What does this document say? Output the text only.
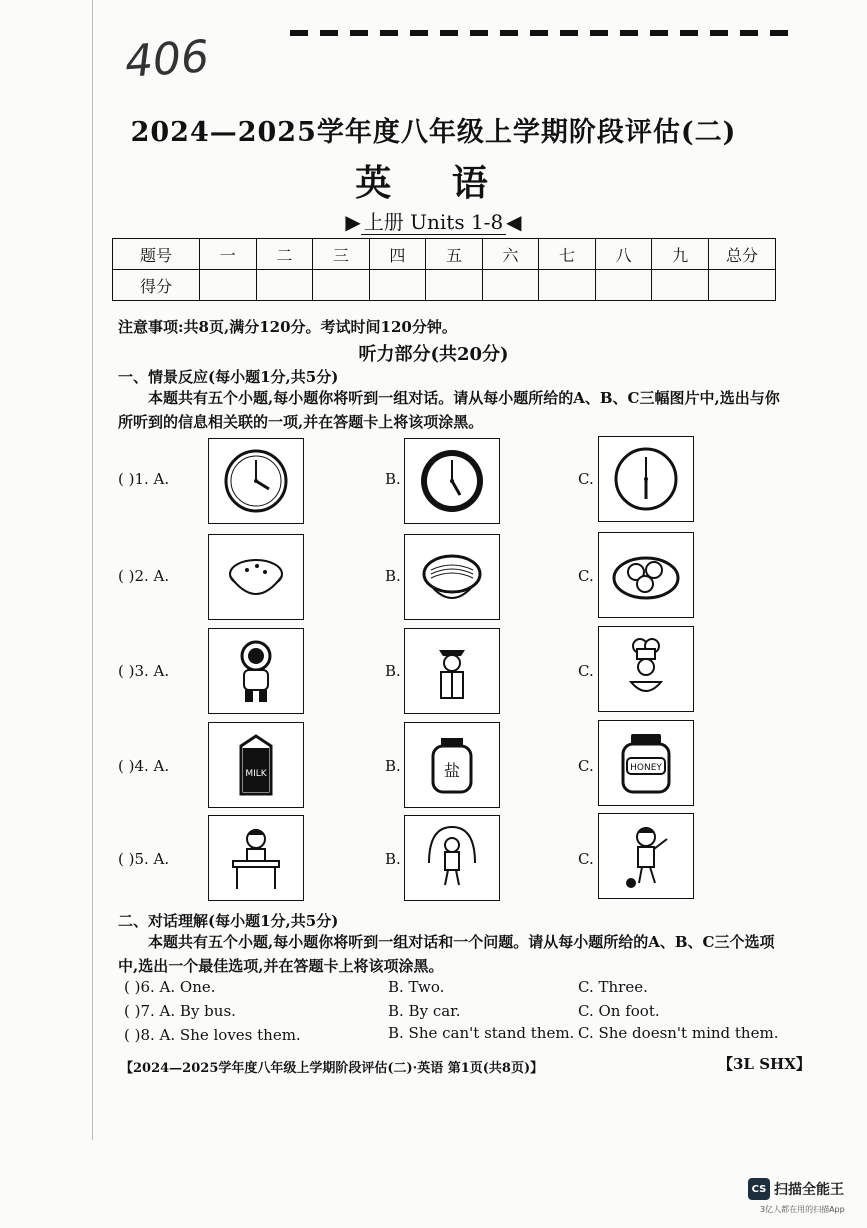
406
2024—2025学年度八年级上学期阶段评估(二)
英 语
▶ 上册 Units 1-8 ◀
题号	一	二	三	四	五	六	七	八	九	总分
得分										
注意事项:共8页,满分120分。考试时间120分钟。
听力部分(共20分)
一、情景反应(每小题1分,共5分)
本题共有五个小题,每小题你将听到一组对话。请从每小题所给的A、B、C三幅图片中,选出与你所听到的信息相关联的一项,并在答题卡上将该项涂黑。
( )1. A.	B.	C.
( )2. A.	B.	C.
( )3. A.	B.	C.
( )4. A.	MILK	B.	盐	C.	HONEY
( )5. A.	B.	C.
二、对话理解(每小题1分,共5分)
本题共有五个小题,每小题你将听到一组对话和一个问题。请从每小题所给的A、B、C三个选项中,选出一个最佳选项,并在答题卡上将该项涂黑。
( )6. A. One.	B. Two.	C. Three.
( )7. A. By bus.	B. By car.	C. On foot.
( )8. A. She loves them.	B. She can't stand them. C. She doesn't mind them.
【2024—2025学年度八年级上学期阶段评估(二)·英语 第1页(共8页)】	【3L SHX】
CS 扫描全能王
3亿人都在用的扫描App
